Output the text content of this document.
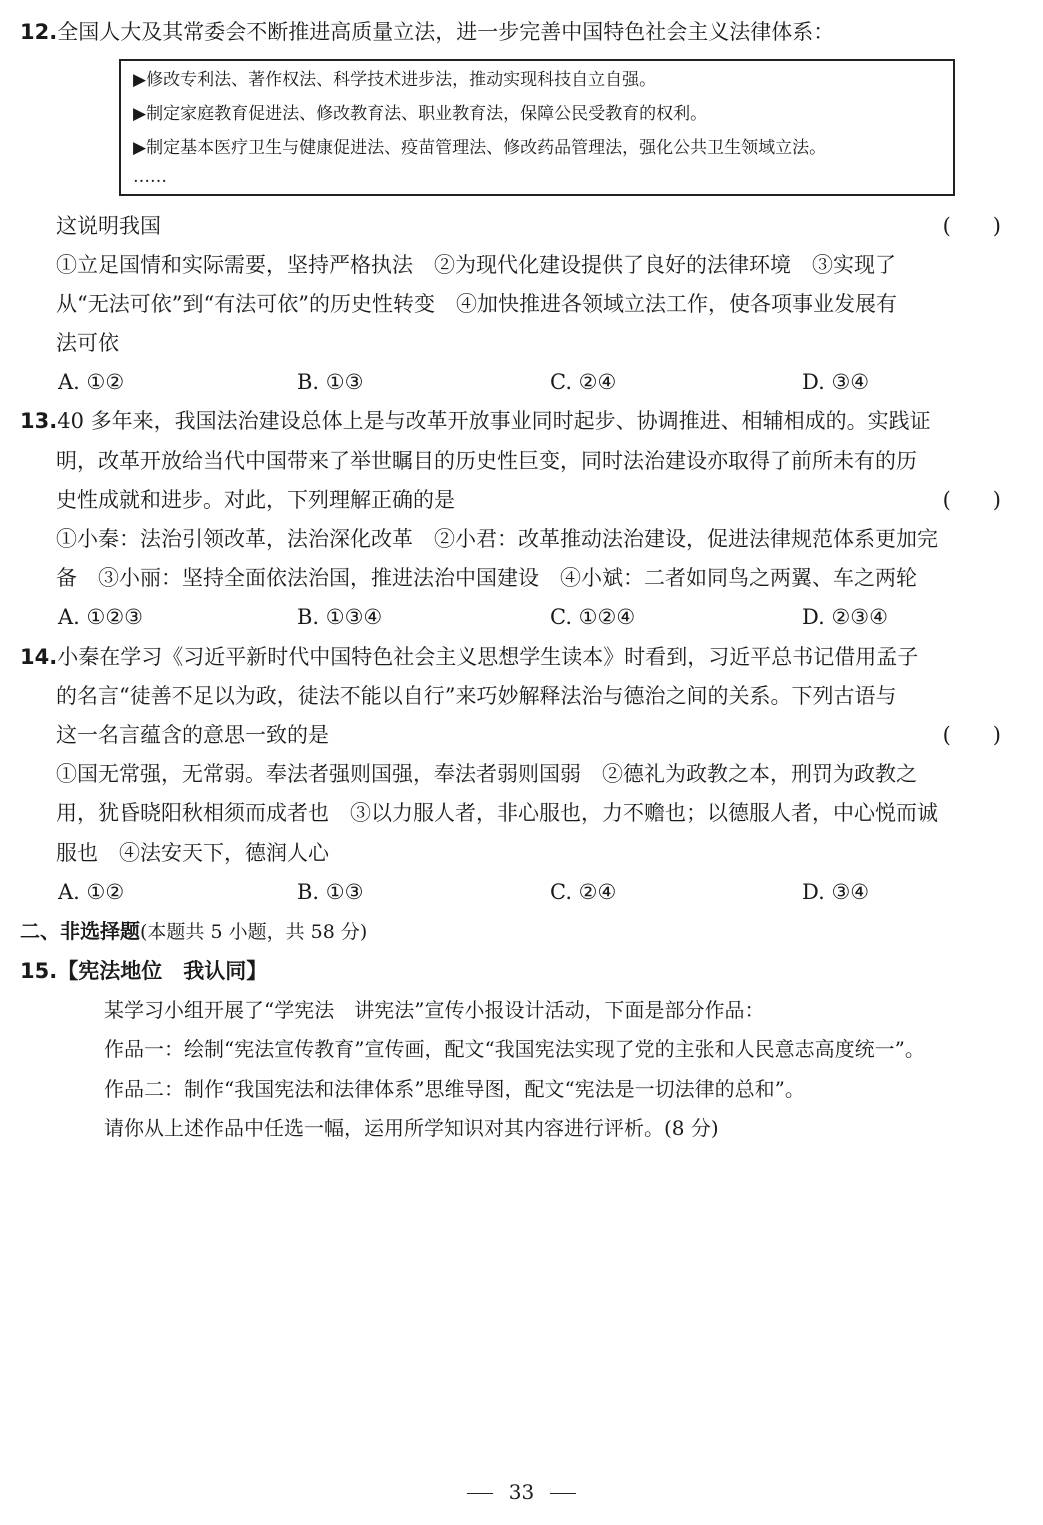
12.全国人大及其常委会不断推进高质量立法，进一步完善中国特色社会主义法律体系：
▶修改专利法、著作权法、科学技术进步法，推动实现科技自立自强。
▶制定家庭教育促进法、修改教育法、职业教育法，保障公民受教育的权利。
▶制定基本医疗卫生与健康促进法、疫苗管理法、修改药品管理法，强化公共卫生领域立法。
……
这说明我国	(　　)
①立足国情和实际需要，坚持严格执法　②为现代化建设提供了良好的法律环境　③实现了
从“无法可依”到“有法可依”的历史性转变　④加快推进各领域立法工作，使各项事业发展有
法可依
A. ①②	B. ①③	C. ②④	D. ③④
13.40 多年来，我国法治建设总体上是与改革开放事业同时起步、协调推进、相辅相成的。实践证
明，改革开放给当代中国带来了举世瞩目的历史性巨变，同时法治建设亦取得了前所未有的历
史性成就和进步。对此，下列理解正确的是	(　　)
①小秦：法治引领改革，法治深化改革　②小君：改革推动法治建设，促进法律规范体系更加完
备　③小丽：坚持全面依法治国，推进法治中国建设　④小斌：二者如同鸟之两翼、车之两轮
A. ①②③	B. ①③④	C. ①②④	D. ②③④
14.小秦在学习《习近平新时代中国特色社会主义思想学生读本》时看到，习近平总书记借用孟子
的名言“徒善不足以为政，徒法不能以自行”来巧妙解释法治与德治之间的关系。下列古语与
这一名言蕴含的意思一致的是	(　　)
①国无常强，无常弱。奉法者强则国强，奉法者弱则国弱　②德礼为政教之本，刑罚为政教之
用，犹昏晓阳秋相须而成者也　③以力服人者，非心服也，力不赡也；以德服人者，中心悦而诚
服也　④法安天下，德润人心
A. ①②	B. ①③	C. ②④	D. ③④
二、非选择题(本题共 5 小题，共 58 分)
15.【宪法地位　我认同】
某学习小组开展了“学宪法　讲宪法”宣传小报设计活动，下面是部分作品：
作品一：绘制“宪法宣传教育”宣传画，配文“我国宪法实现了党的主张和人民意志高度统一”。
作品二：制作“我国宪法和法律体系”思维导图，配文“宪法是一切法律的总和”。
请你从上述作品中任选一幅，运用所学知识对其内容进行评析。(8 分)
33
